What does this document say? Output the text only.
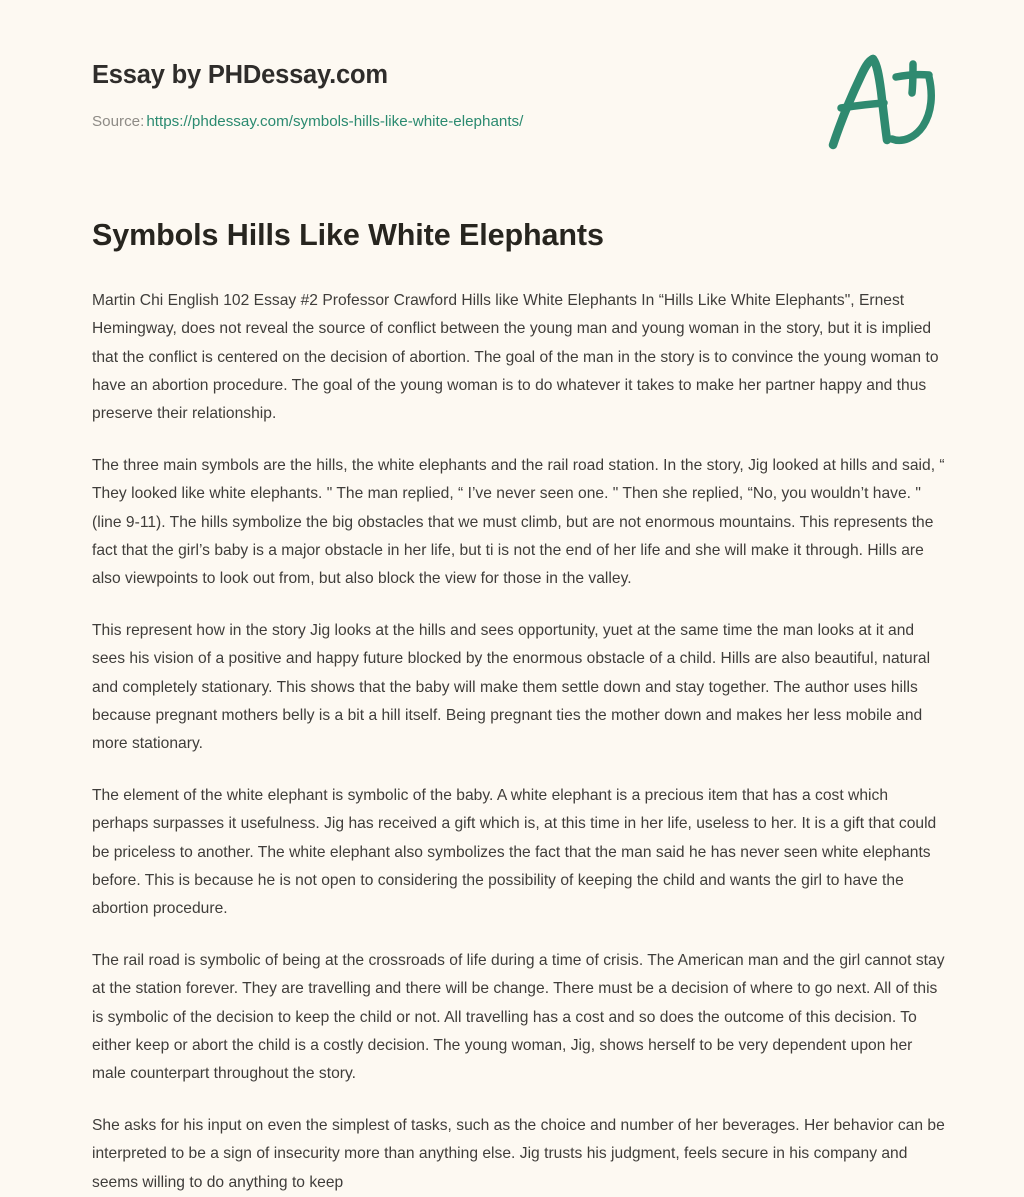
Essay by PHDessay.com
Source: https://phdessay.com/symbols-hills-like-white-elephants/
Symbols Hills Like White Elephants

Martin Chi English 102 Essay #2 Professor Crawford Hills like White Elephants In “Hills Like White Elephants", Ernest Hemingway, does not reveal the source of conflict between the young man and young woman in the story, but it is implied that the conflict is centered on the decision of abortion. The goal of the man in the story is to convince the young woman to have an abortion procedure. The goal of the young woman is to do whatever it takes to make her partner happy and thus preserve their relationship.

The three main symbols are the hills, the white elephants and the rail road station. In the story, Jig looked at hills and said, “ They looked like white elephants. " The man replied, “ I’ve never seen one. " Then she replied, “No, you wouldn’t have. " (line 9-11). The hills symbolize the big obstacles that we must climb, but are not enormous mountains. This represents the fact that the girl’s baby is a major obstacle in her life, but ti is not the end of her life and she will make it through. Hills are also viewpoints to look out from, but also block the view for those in the valley.

This represent how in the story Jig looks at the hills and sees opportunity, yuet at the same time the man looks at it and sees his vision of a positive and happy future blocked by the enormous obstacle of a child. Hills are also beautiful, natural and completely stationary. This shows that the baby will make them settle down and stay together. The author uses hills because pregnant mothers belly is a bit a hill itself. Being pregnant ties the mother down and makes her less mobile and more stationary.

The element of the white elephant is symbolic of the baby. A white elephant is a precious item that has a cost which perhaps surpasses it usefulness. Jig has received a gift which is, at this time in her life, useless to her. It is a gift that could be priceless to another. The white elephant also symbolizes the fact that the man said he has never seen white elephants before. This is because he is not open to considering the possibility of keeping the child and wants the girl to have the abortion procedure.

The rail road is symbolic of being at the crossroads of life during a time of crisis. The American man and the girl cannot stay at the station forever. They are travelling and there will be change. There must be a decision of where to go next. All of this is symbolic of the decision to keep the child or not. All travelling has a cost and so does the outcome of this decision. To either keep or abort the child is a costly decision. The young woman, Jig, shows herself to be very dependent upon her male counterpart throughout the story.

She asks for his input on even the simplest of tasks, such as the choice and number of her beverages. Her behavior can be interpreted to be a sign of insecurity more than anything else. Jig trusts his judgment, feels secure in his company and seems willing to do anything to keep
